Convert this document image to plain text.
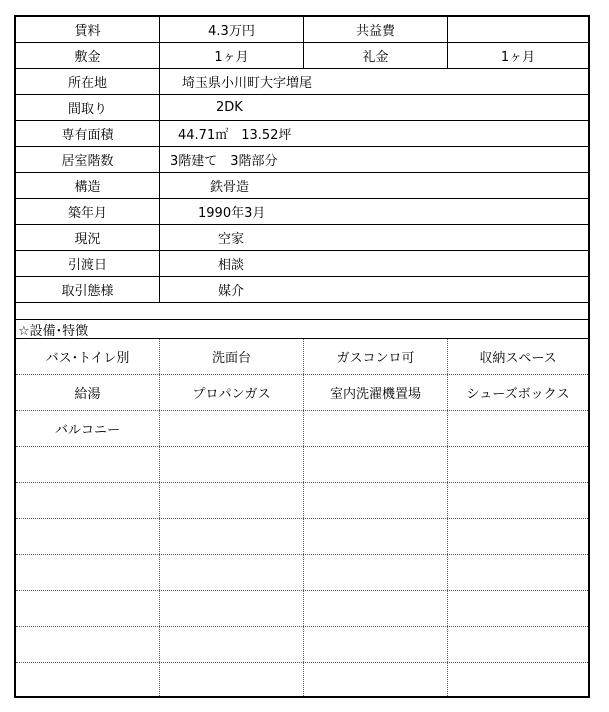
賃料	4.3万円	共益費
敷金	1ヶ月	礼金	1ヶ月
所在地	埼玉県小川町大字増尾
間取り	2DK
専有面積	44.71㎡　13.52坪
居室階数	3階建て　3階部分
構造	鉄骨造
築年月	1990年3月
現況	空家
引渡日	相談
取引態様	媒介
☆設備･特徴
バス･トイレ別	洗面台	ガスコンロ可	収納スペース
給湯	プロパンガス	室内洗濯機置場	シューズボックス
バルコニー
